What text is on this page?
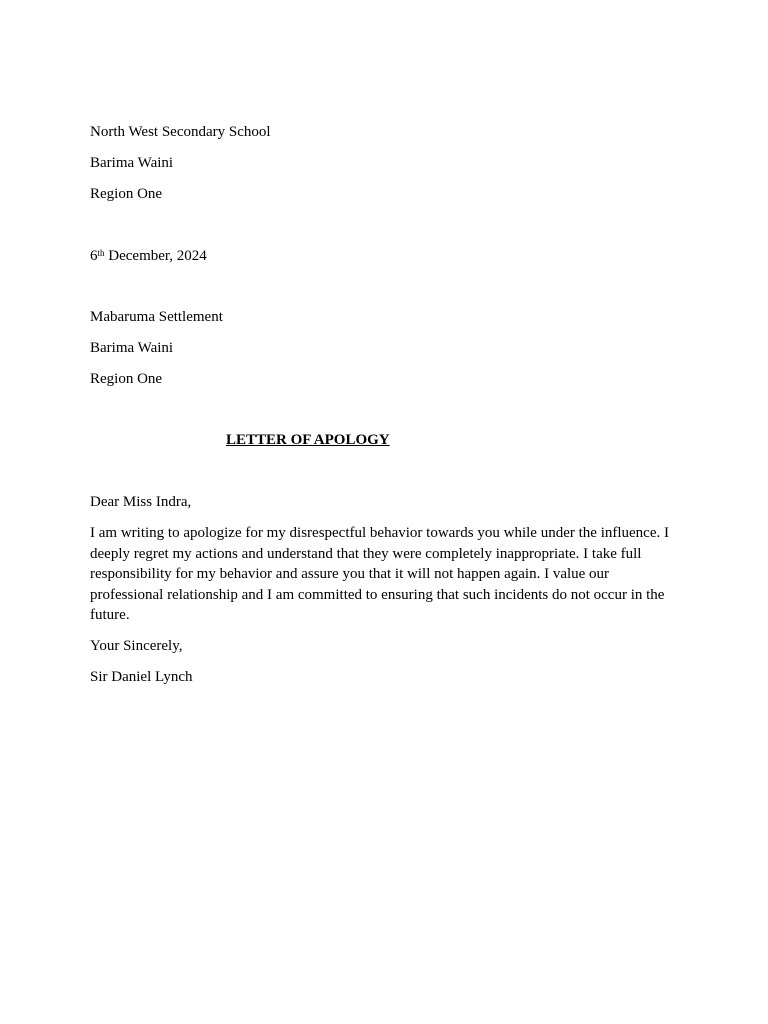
North West Secondary School
Barima Waini
Region One
6th December, 2024
Mabaruma Settlement
Barima Waini
Region One
LETTER OF APOLOGY
Dear Miss Indra,
I am writing to apologize for my disrespectful behavior towards you while under the influence. I deeply regret my actions and understand that they were completely inappropriate. I take full responsibility for my behavior and assure you that it will not happen again. I value our professional relationship and I am committed to ensuring that such incidents do not occur in the future.
Your Sincerely,
Sir Daniel Lynch
